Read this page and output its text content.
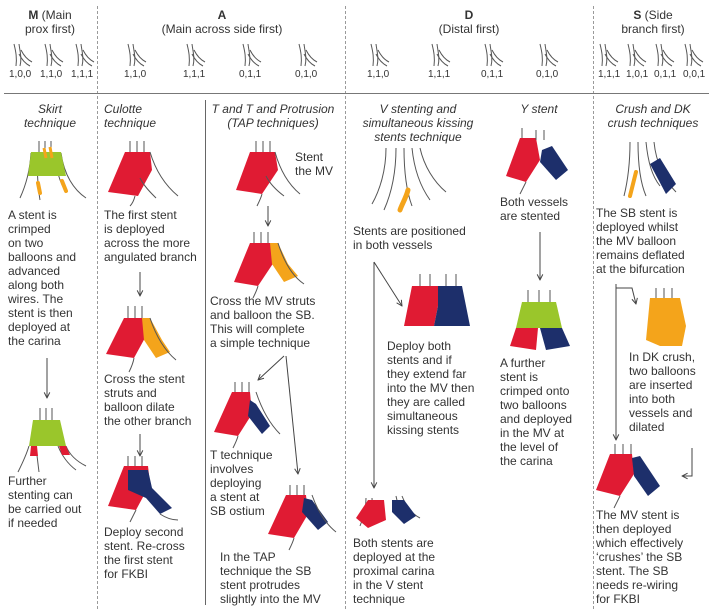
M (Main
prox first)
A
(Main across side first)
D
(Distal first)
S (Side
branch first)
1,0,0 1,1,0 1,1,1	1,1,0	1,1,1	0,1,1	0,1,0	1,1,0	1,1,1	0,1,1	0,1,0	1,1,1 1,0,1 0,1,1 0,0,1
Skirt
technique
Culotte
technique
T and T and Protrusion
(TAP techniques)
V stenting and
simultaneous kissing
stents technique
Y stent	Crush and DK
crush techniques
A stent is
crimped
on two
balloons and
advanced
along both
wires. The
stent is then
deployed at
the carina
Further
stenting can
be carried out
if needed
The first stent
is deployed
across the more
angulated branch
Cross the stent
struts and
balloon dilate
the other branch
Deploy second
stent. Re-cross
the first stent
for FKBI
Stent
the MV
Cross the MV struts
and balloon the SB.
This will complete
a simple technique
T technique
involves
deploying
a stent at
SB ostium
In the TAP
technique the SB
stent protrudes
slightly into the MV
Stents are positioned
in both vessels
Deploy both
stents and if
they extend far
into the MV then
they are called
simultaneous
kissing stents
Both stents are
deployed at the
proximal carina
in the V stent
technique
Both vessels
are stented
A further
stent is
crimped onto
two balloons
and deployed
in the MV at
the level of
the carina
The SB stent is
deployed whilst
the MV balloon
remains deflated
at the bifurcation
In DK crush,
two balloons
are inserted
into both
vessels and
dilated
The MV stent is
then deployed
which effectively
‘crushes’ the SB
stent. The SB
needs re-wiring
for FKBI
